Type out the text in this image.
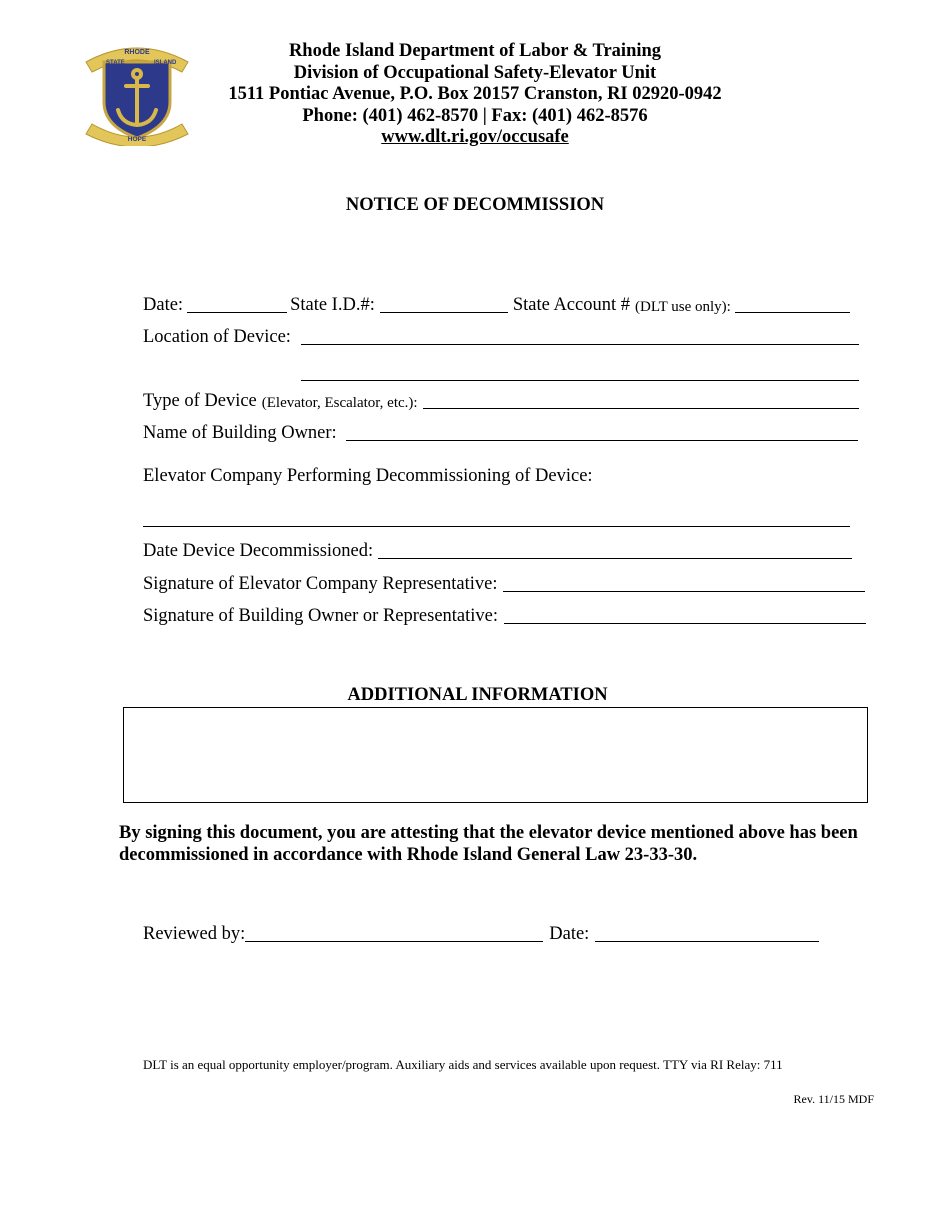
RHODE
STATE	ISLAND
HOPE
Rhode Island Department of Labor & Training
Division of Occupational Safety-Elevator Unit
1511 Pontiac Avenue, P.O. Box 20157 Cranston, RI 02920-0942
Phone: (401) 462-8570 | Fax: (401) 462-8576
www.dlt.ri.gov/occusafe
NOTICE OF DECOMMISSION
Date:	State I.D.#:	State Account # (DLT use only):
Location of Device:
Type of Device (Elevator, Escalator, etc.):
Name of Building Owner:
Elevator Company Performing Decommissioning of Device:
Date Device Decommissioned:
Signature of Elevator Company Representative:
Signature of Building Owner or Representative:
ADDITIONAL INFORMATION
By signing this document, you are attesting that the elevator device mentioned above has been decommissioned in accordance with Rhode Island General Law 23-33-30.
Reviewed by:	Date:
DLT is an equal opportunity employer/program. Auxiliary aids and services available upon request. TTY via RI Relay: 711
Rev. 11/15 MDF
